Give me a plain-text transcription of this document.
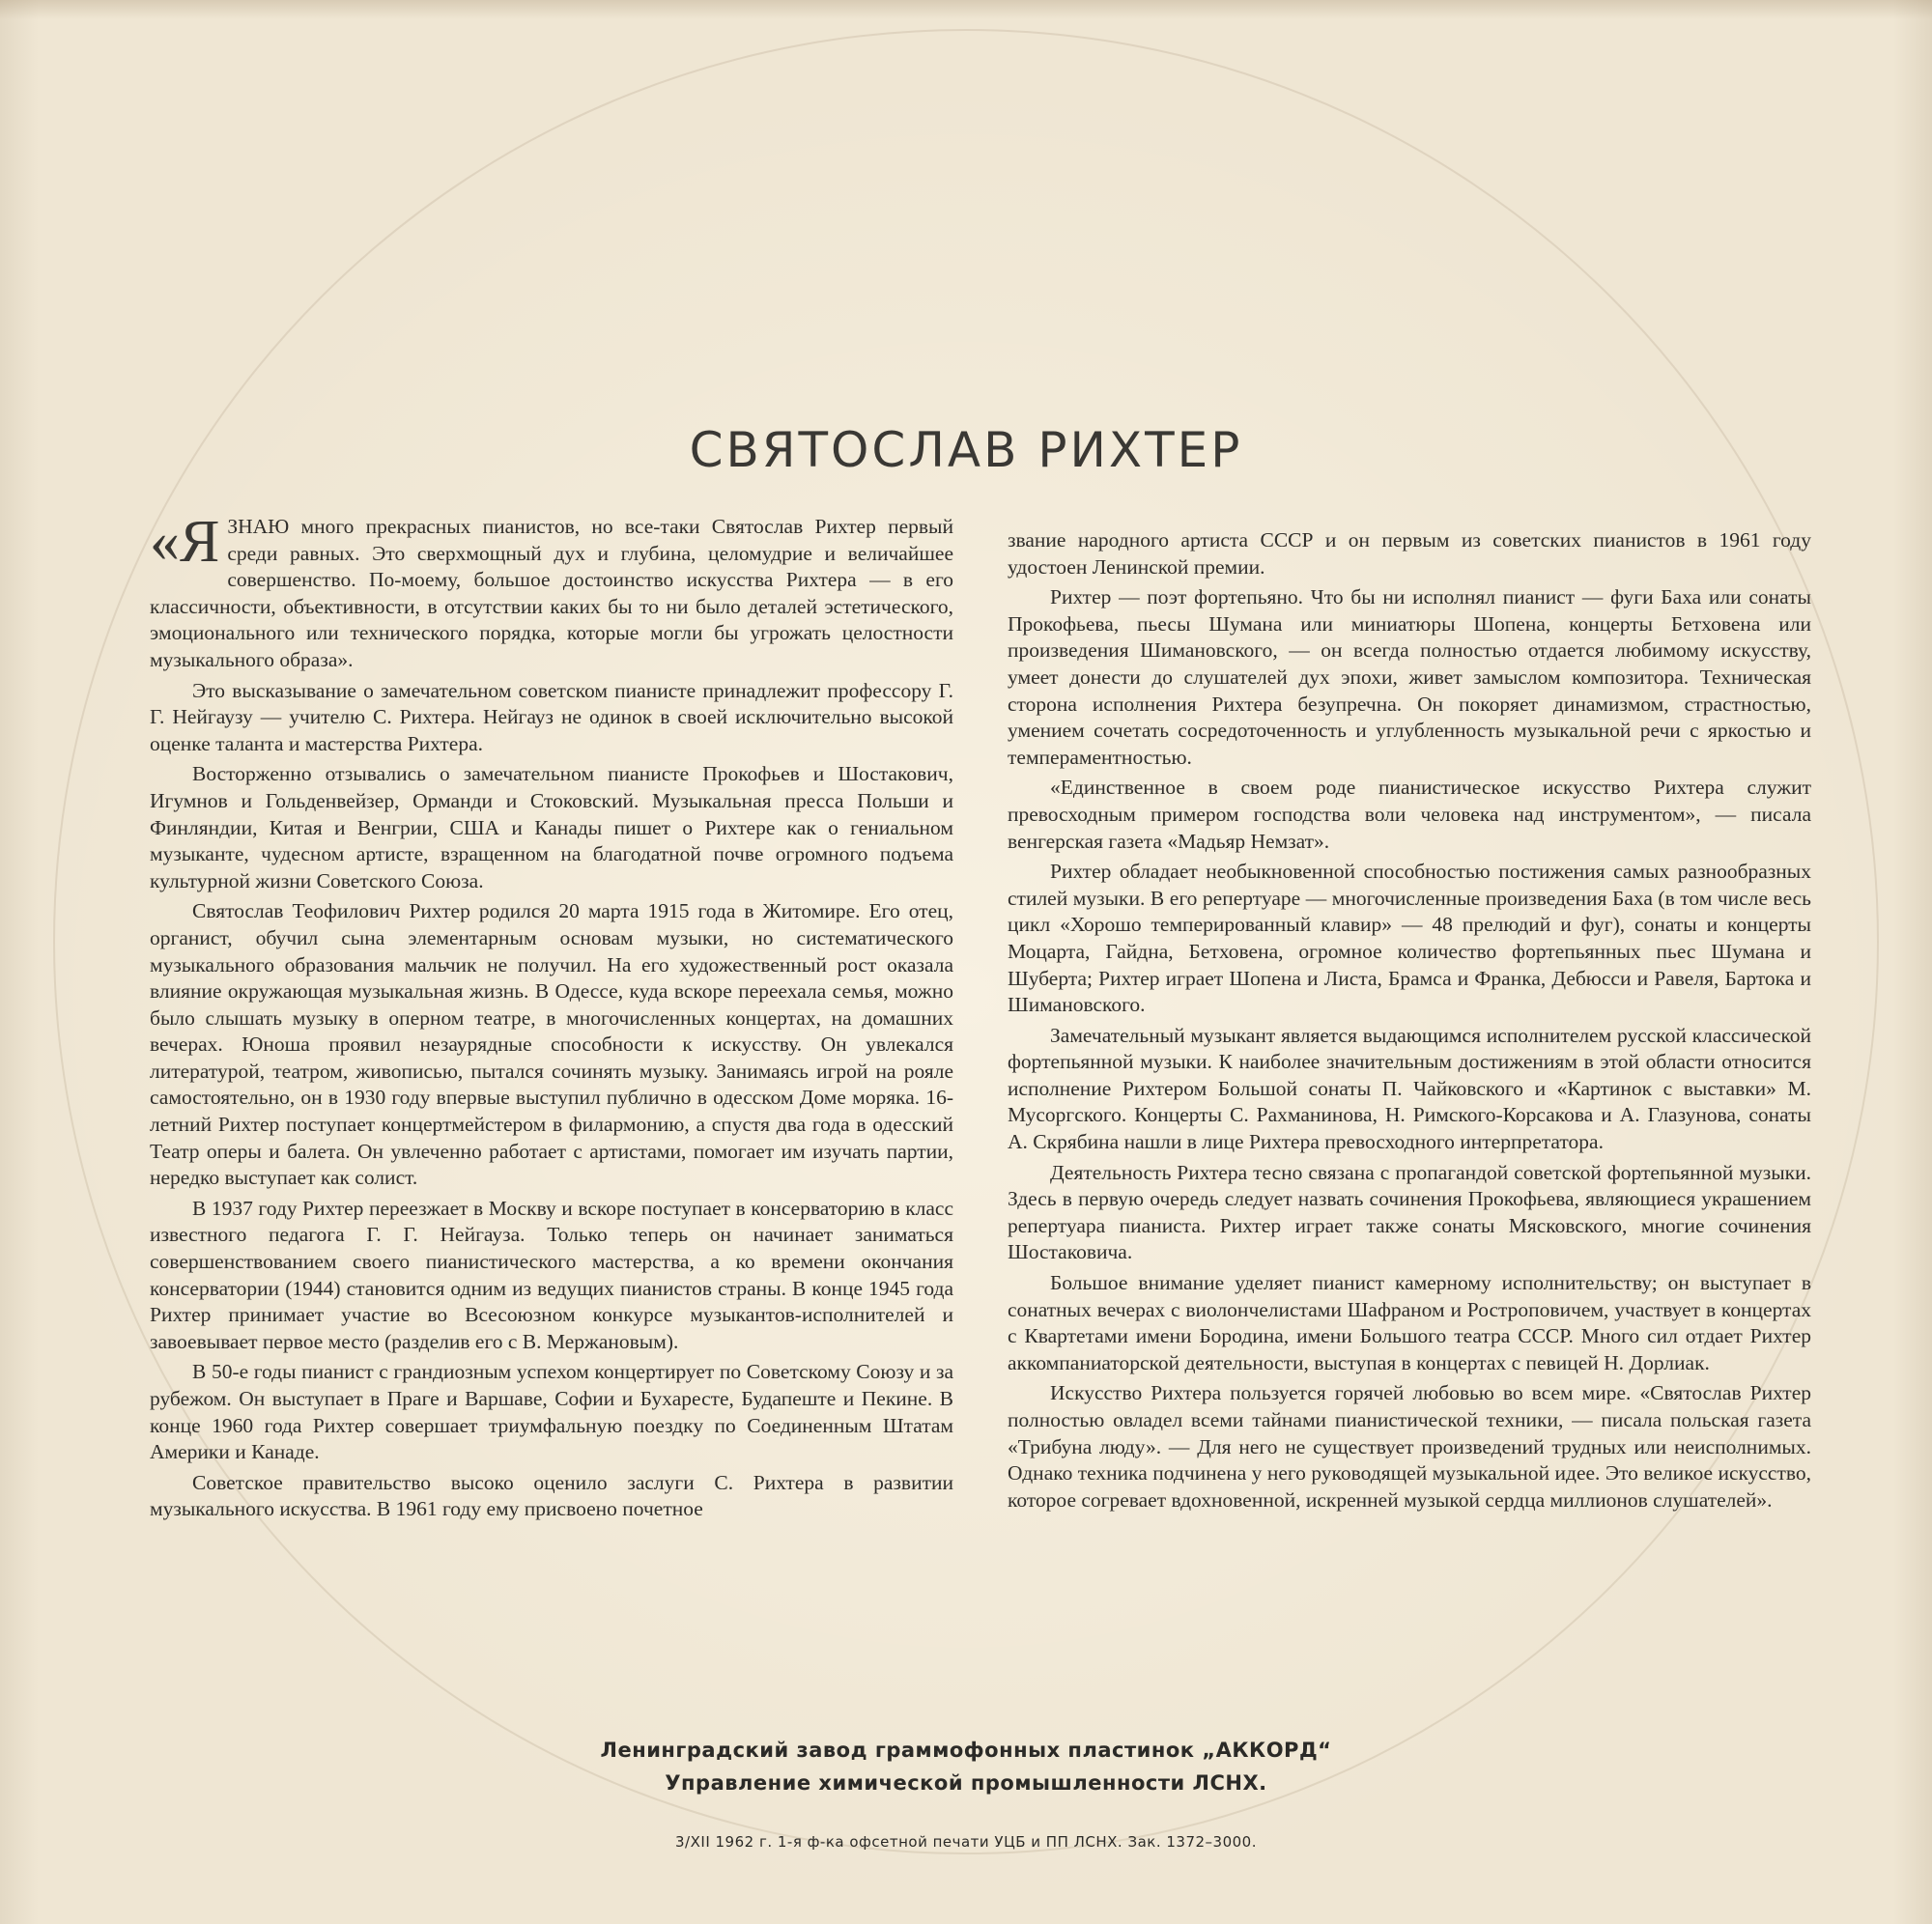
СВЯТОСЛАВ РИХТЕР

«ЯЗНАЮ много прекрасных пианистов, но все-таки Святослав Рихтер первый среди равных. Это сверхмощный дух и глубина, целомудрие и величайшее совершенство. По-моему, большое достоинство искусства Рихтера — в его классичности, объективности, в отсутствии каких бы то ни было деталей эстетического, эмоционального или технического порядка, которые могли бы угрожать целостности музыкального образа».

Это высказывание о замечательном советском пианисте принадлежит профессору Г. Г. Нейгаузу — учителю С. Рихтера. Нейгауз не одинок в своей исключительно высокой оценке таланта и мастерства Рихтера.

Восторженно отзывались о замечательном пианисте Прокофьев и Шостакович, Игумнов и Гольденвейзер, Орманди и Стоковский. Музыкальная пресса Польши и Финляндии, Китая и Венгрии, США и Канады пишет о Рихтере как о гениальном музыканте, чудесном артисте, взращенном на благодатной почве огромного подъема культурной жизни Советского Союза.

Святослав Теофилович Рихтер родился 20 марта 1915 года в Житомире. Его отец, органист, обучил сына элементарным основам музыки, но систематического музыкального образования мальчик не получил. На его художественный рост оказала влияние окружающая музыкальная жизнь. В Одессе, куда вскоре переехала семья, можно было слышать музыку в оперном театре, в многочисленных концертах, на домашних вечерах. Юноша проявил незаурядные способности к искусству. Он увлекался литературой, театром, живописью, пытался сочинять музыку. Занимаясь игрой на рояле самостоятельно, он в 1930 году впервые выступил публично в одесском Доме моряка. 16-летний Рихтер поступает концертмейстером в филармонию, а спустя два года в одесский Театр оперы и балета. Он увлеченно работает с артистами, помогает им изучать партии, нередко выступает как солист.

В 1937 году Рихтер переезжает в Москву и вскоре поступает в консерваторию в класс известного педагога Г. Г. Нейгауза. Только теперь он начинает заниматься совершенствованием своего пианистического мастерства, а ко времени окончания консерватории (1944) становится одним из ведущих пианистов страны. В конце 1945 года Рихтер принимает участие во Всесоюзном конкурсе музыкантов-исполнителей и завоевывает первое место (разделив его с В. Мержановым).

В 50-е годы пианист с грандиозным успехом концертирует по Советскому Союзу и за рубежом. Он выступает в Праге и Варшаве, Софии и Бухаресте, Будапеште и Пекине. В конце 1960 года Рихтер совершает триумфальную поездку по Соединенным Штатам Америки и Канаде.

Советское правительство высоко оценило заслуги С. Рихтера в развитии музыкального искусства. В 1961 году ему присвоено почетное

звание народного артиста СССР и он первым из советских пианистов в 1961 году удостоен Ленинской премии.

Рихтер — поэт фортепьяно. Что бы ни исполнял пианист — фуги Баха или сонаты Прокофьева, пьесы Шумана или миниатюры Шопена, концерты Бетховена или произведения Шимановского, — он всегда полностью отдается любимому искусству, умеет донести до слушателей дух эпохи, живет замыслом композитора. Техническая сторона исполнения Рихтера безупречна. Он покоряет динамизмом, страстностью, умением сочетать сосредоточенность и углубленность музыкальной речи с яркостью и темпераментностью.

«Единственное в своем роде пианистическое искусство Рихтера служит превосходным примером господства воли человека над инструментом», — писала венгерская газета «Мадьяр Немзат».

Рихтер обладает необыкновенной способностью постижения самых разнообразных стилей музыки. В его репертуаре — многочисленные произведения Баха (в том числе весь цикл «Хорошо темперированный клавир» — 48 прелюдий и фуг), сонаты и концерты Моцарта, Гайдна, Бетховена, огромное количество фортепьянных пьес Шумана и Шуберта; Рихтер играет Шопена и Листа, Брамса и Франка, Дебюсси и Равеля, Бартока и Шимановского.

Замечательный музыкант является выдающимся исполнителем русской классической фортепьянной музыки. К наиболее значительным достижениям в этой области относится исполнение Рихтером Большой сонаты П. Чайковского и «Картинок с выставки» М. Мусоргского. Концерты С. Рахманинова, Н. Римского-Корсакова и А. Глазунова, сонаты А. Скрябина нашли в лице Рихтера превосходного интерпретатора.

Деятельность Рихтера тесно связана с пропагандой советской фортепьянной музыки. Здесь в первую очередь следует назвать сочинения Прокофьева, являющиеся украшением репертуара пианиста. Рихтер играет также сонаты Мясковского, многие сочинения Шостаковича.

Большое внимание уделяет пианист камерному исполнительству; он выступает в сонатных вечерах с виолончелистами Шафраном и Ростроповичем, участвует в концертах с Квартетами имени Бородина, имени Большого театра СССР. Много сил отдает Рихтер аккомпаниаторской деятельности, выступая в концертах с певицей Н. Дорлиак.

Искусство Рихтера пользуется горячей любовью во всем мире. «Святослав Рихтер полностью овладел всеми тайнами пианистической техники, — писала польская газета «Трибуна люду». — Для него не существует произведений трудных или неисполнимых. Однако техника подчинена у него руководящей музыкальной идее. Это великое искусство, которое согревает вдохновенной, искренней музыкой сердца миллионов слушателей».

Ленинградский завод граммофонных пластинок „АККОРД“
Управление химической промышленности ЛСНХ.
3/XII 1962 г. 1-я ф-ка офсетной печати УЦБ и ПП ЛСНХ. Зак. 1372–3000.
